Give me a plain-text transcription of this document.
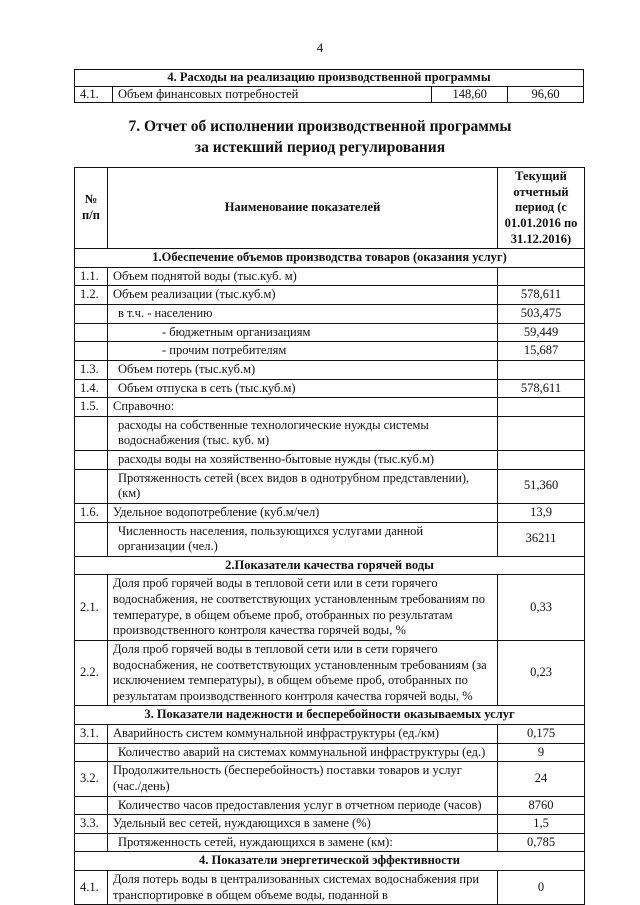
4
4. Расходы на реализацию производственной программы
4.1.	Объем финансовых потребностей	148,60	96,60
7. Отчет об исполнении производственной программы
за истекший период регулирования
№ п/п	Наименование показателей	Текущий отчетный период (с 01.01.2016 по 31.12.2016)
1.Обеспечение объемов производства товаров (оказания услуг)		
1.1.	Объем поднятой воды (тыс.куб. м)	
1.2.	Объем реализации (тыс.куб.м)	578,611
	в т.ч. - населению	503,475
	- бюджетным организациям	59,449
	- прочим потребителям	15,687
1.3.	Объем потерь (тыс.куб.м)	
1.4.	Объем отпуска в сеть (тыс.куб.м)	578,611
1.5.	Справочно:	
	расходы на собственные технологические нужды системы водоснабжения (тыс. куб. м)	
	расходы воды на хозяйственно-бытовые нужды (тыс.куб.м)	
	Протяженность сетей (всех видов в однотрубном представлении), (км)	51,360
1.6.	Удельное водопотребление (куб.м/чел)	13,9
	Численность населения, пользующихся услугами данной организации (чел.)	36211
2.Показатели качества горячей воды		
2.1.	Доля проб горячей воды в тепловой сети или в сети горячего водоснабжения, не соответствующих установленным требованиям по температуре, в общем объеме проб, отобранных по результатам производственного контроля качества горячей воды, %	0,33
2.2.	Доля проб горячей воды в тепловой сети или в сети горячего водоснабжения, не соответствующих установленным требованиям (за исключением температуры), в общем объеме проб, отобранных по результатам производственного контроля качества горячей воды, %	0,23
3. Показатели надежности и бесперебойности оказываемых услуг		
3.1.	Аварийность систем коммунальной инфраструктуры (ед./км)	0,175
	Количество аварий на системах коммунальной инфраструктуры (ед.)	9
3.2.	Продолжительность (бесперебойность) поставки товаров и услуг (час./день)	24
	Количество часов предоставления услуг в отчетном периоде (часов)	8760
3.3.	Удельный вес сетей, нуждающихся в замене (%)	1,5
	Протяженность сетей, нуждающихся в замене (км):	0,785
4. Показатели энергетической эффективности		
4.1.	Доля потерь воды в централизованных системах водоснабжения при транспортировке в общем объеме воды, поданной в	0
